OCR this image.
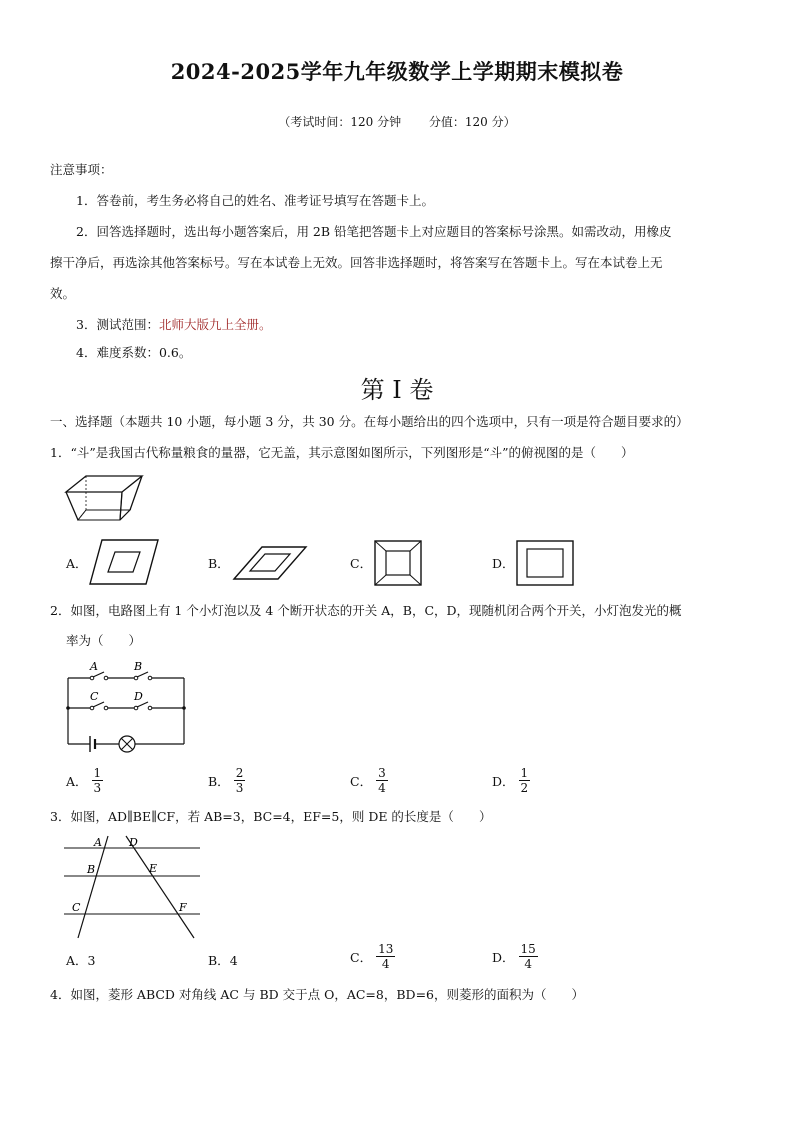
2024-2025学年九年级数学上学期期末模拟卷
（考试时间：120 分钟 分值：120 分）
注意事项：
1．答卷前，考生务必将自己的姓名、准考证号填写在答题卡上。
2．回答选择题时，选出每小题答案后，用 2B 铅笔把答题卡上对应题目的答案标号涂黑。如需改动，用橡皮
擦干净后，再选涂其他答案标号。写在本试卷上无效。回答非选择题时，将答案写在答题卡上。写在本试卷上无
效。
3．测试范围：北师大版九上全册。
4．难度系数：0.6。
第 I 卷
一、选择题（本题共 10 小题，每小题 3 分，共 30 分。在每小题给出的四个选项中，只有一项是符合题目要求的）
1．“斗”是我国古代称量粮食的量器，它无盖，其示意图如图所示，下列图形是“斗”的俯视图的是（　　）
A．	B．	C．	D．
2．如图，电路图上有 1 个小灯泡以及 4 个断开状态的开关 A，B，C，D，现随机闭合两个开关，小灯泡发光的概
率为（　　）
A	B
C	D
A． $\frac{1}{3}$	B． $\frac{2}{3}$	C． $\frac{3}{4}$	D． $\frac{1}{2}$
3．如图，AD∥BE∥CF，若 AB=3，BC=4，EF=5，则 DE 的长度是（　　）
A D
B	E
C	F
A． 3	B． 4	C． $\frac{13}{4}$	D． $\frac{15}{4}$
4．如图，菱形 ABCD 对角线 AC 与 BD 交于点 O，AC=8，BD=6，则菱形的面积为（　　）
